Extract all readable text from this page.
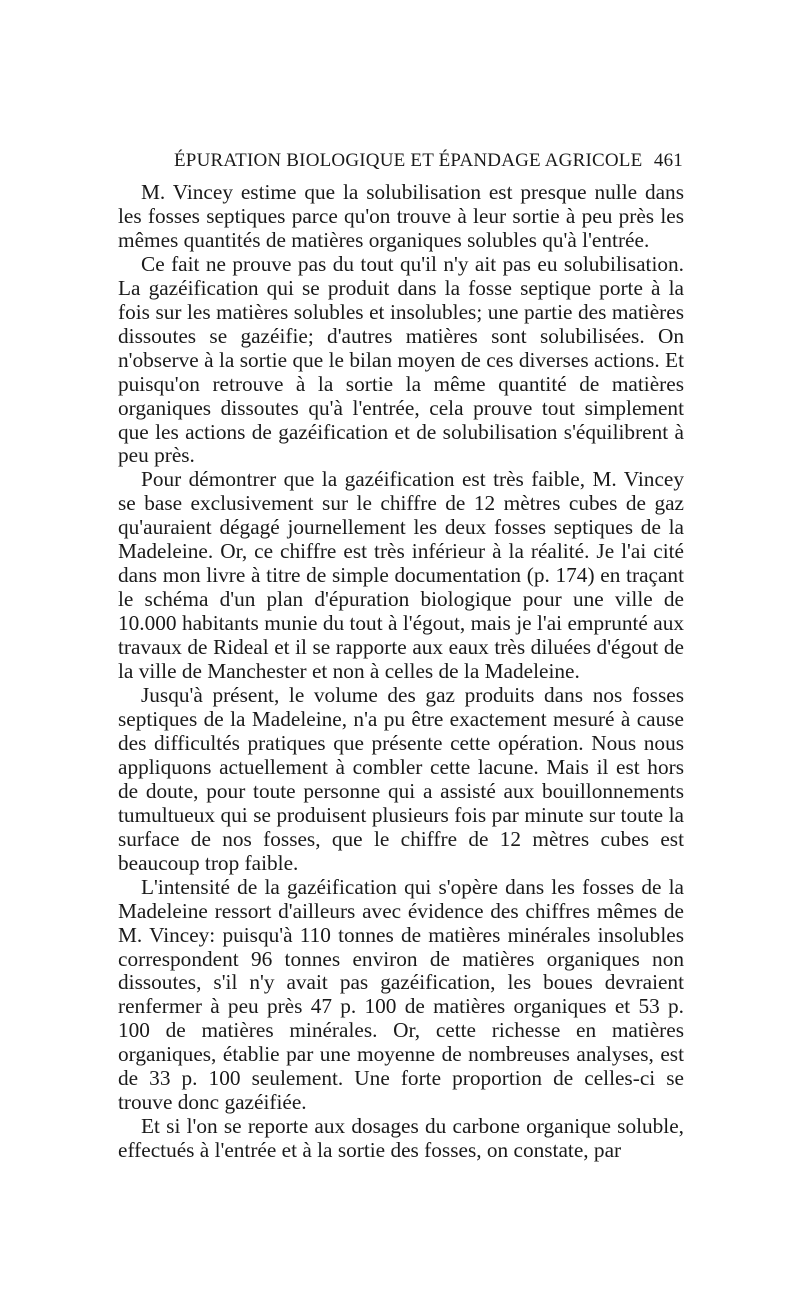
ÉPURATION BIOLOGIQUE ET ÉPANDAGE AGRICOLE 461

M. Vincey estime que la solubilisation est presque nulle dans les fosses septiques parce qu'on trouve à leur sortie à peu près les mêmes quantités de matières organiques solubles qu'à l'entrée.

Ce fait ne prouve pas du tout qu'il n'y ait pas eu solubilisation. La gazéification qui se produit dans la fosse septique porte à la fois sur les matières solubles et insolubles; une partie des matières dissoutes se gazéifie; d'autres matières sont solubilisées. On n'observe à la sortie que le bilan moyen de ces diverses actions. Et puisqu'on retrouve à la sortie la même quantité de matières organiques dissoutes qu'à l'entrée, cela prouve tout simplement que les actions de gazéification et de solubilisation s'équilibrent à peu près.

Pour démontrer que la gazéification est très faible, M. Vincey se base exclusivement sur le chiffre de 12 mètres cubes de gaz qu'auraient dégagé journellement les deux fosses septiques de la Madeleine. Or, ce chiffre est très inférieur à la réalité. Je l'ai cité dans mon livre à titre de simple documentation (p. 174) en traçant le schéma d'un plan d'épuration biologique pour une ville de 10.000 habitants munie du tout à l'égout, mais je l'ai emprunté aux travaux de Rideal et il se rapporte aux eaux très diluées d'égout de la ville de Manchester et non à celles de la Madeleine.

Jusqu'à présent, le volume des gaz produits dans nos fosses septiques de la Madeleine, n'a pu être exactement mesuré à cause des difficultés pratiques que présente cette opération. Nous nous appliquons actuellement à combler cette lacune. Mais il est hors de doute, pour toute personne qui a assisté aux bouillonnements tumultueux qui se produisent plusieurs fois par minute sur toute la surface de nos fosses, que le chiffre de 12 mètres cubes est beaucoup trop faible.

L'intensité de la gazéification qui s'opère dans les fosses de la Madeleine ressort d'ailleurs avec évidence des chiffres mêmes de M. Vincey: puisqu'à 110 tonnes de matières minérales insolubles correspondent 96 tonnes environ de matières organiques non dissoutes, s'il n'y avait pas gazéification, les boues devraient renfermer à peu près 47 p. 100 de matières organiques et 53 p. 100 de matières minérales. Or, cette richesse en matières organiques, établie par une moyenne de nombreuses analyses, est de 33 p. 100 seulement. Une forte proportion de celles-ci se trouve donc gazéifiée.

Et si l'on se reporte aux dosages du carbone organique soluble, effectués à l'entrée et à la sortie des fosses, on constate, par
